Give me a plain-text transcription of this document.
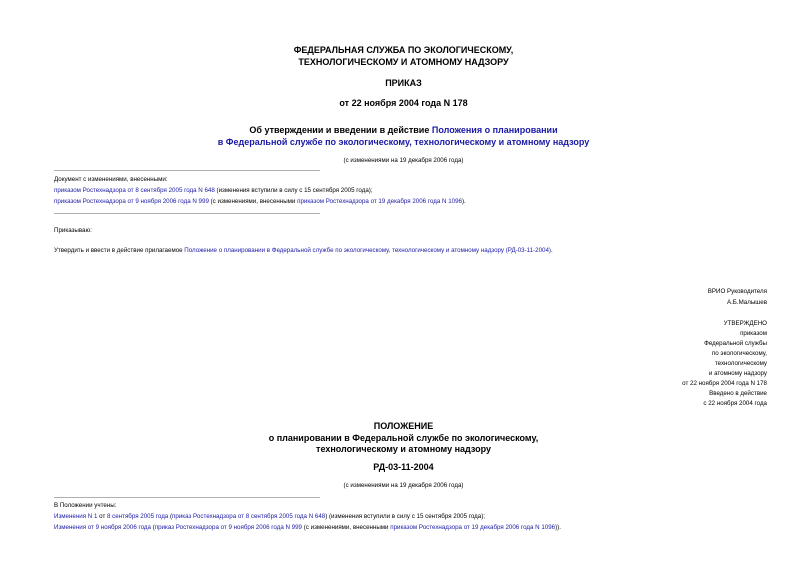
ФЕДЕРАЛЬНАЯ СЛУЖБА ПО ЭКОЛОГИЧЕСКОМУ,
ТЕХНОЛОГИЧЕСКОМУ И АТОМНОМУ НАДЗОРУ
ПРИКАЗ
от 22 ноября 2004 года N 178
Об утверждении и введении в действие Положения о планировании
в Федеральной службе по экологическому, технологическому и атомному надзору
(с изменениями на 19 декабря 2006 года)
Документ с изменениями, внесенными:
приказом Ростехнадзора от 8 сентября 2005 года N 648 (изменения вступили в силу с 15 сентября 2005 года);
приказом Ростехнадзора от 9 ноября 2006 года N 999 (с изменениями, внесенными приказом Ростехнадзора от 19 декабря 2006 года N 1096).
Приказываю:
Утвердить и ввести в действие прилагаемое Положение о планировании в Федеральной службе по экологическому, технологическому и атомному надзору (РД-03-11-2004).
ВРИО Руководителя
А.Б.Малышев
УТВЕРЖДЕНО
приказом
Федеральной службы
по экологическому,
технологическому
и атомному надзору
от 22 ноября 2004 года N 178
Введено в действие
с 22 ноября 2004 года
ПОЛОЖЕНИЕ
о планировании в Федеральной службе по экологическому,
технологическому и атомному надзору
РД-03-11-2004
(с изменениями на 19 декабря 2006 года)
В Положении учтены:
Изменения N 1 от 8 сентября 2005 года (приказ Ростехнадзора от 8 сентября 2005 года N 648) (изменения вступили в силу с 15 сентября 2005 года);
Изменения от 9 ноября 2006 года (приказ Ростехнадзора от 9 ноября 2006 года N 999 (с изменениями, внесенными приказом Ростехнадзора от 19 декабря 2006 года N 1096)).
